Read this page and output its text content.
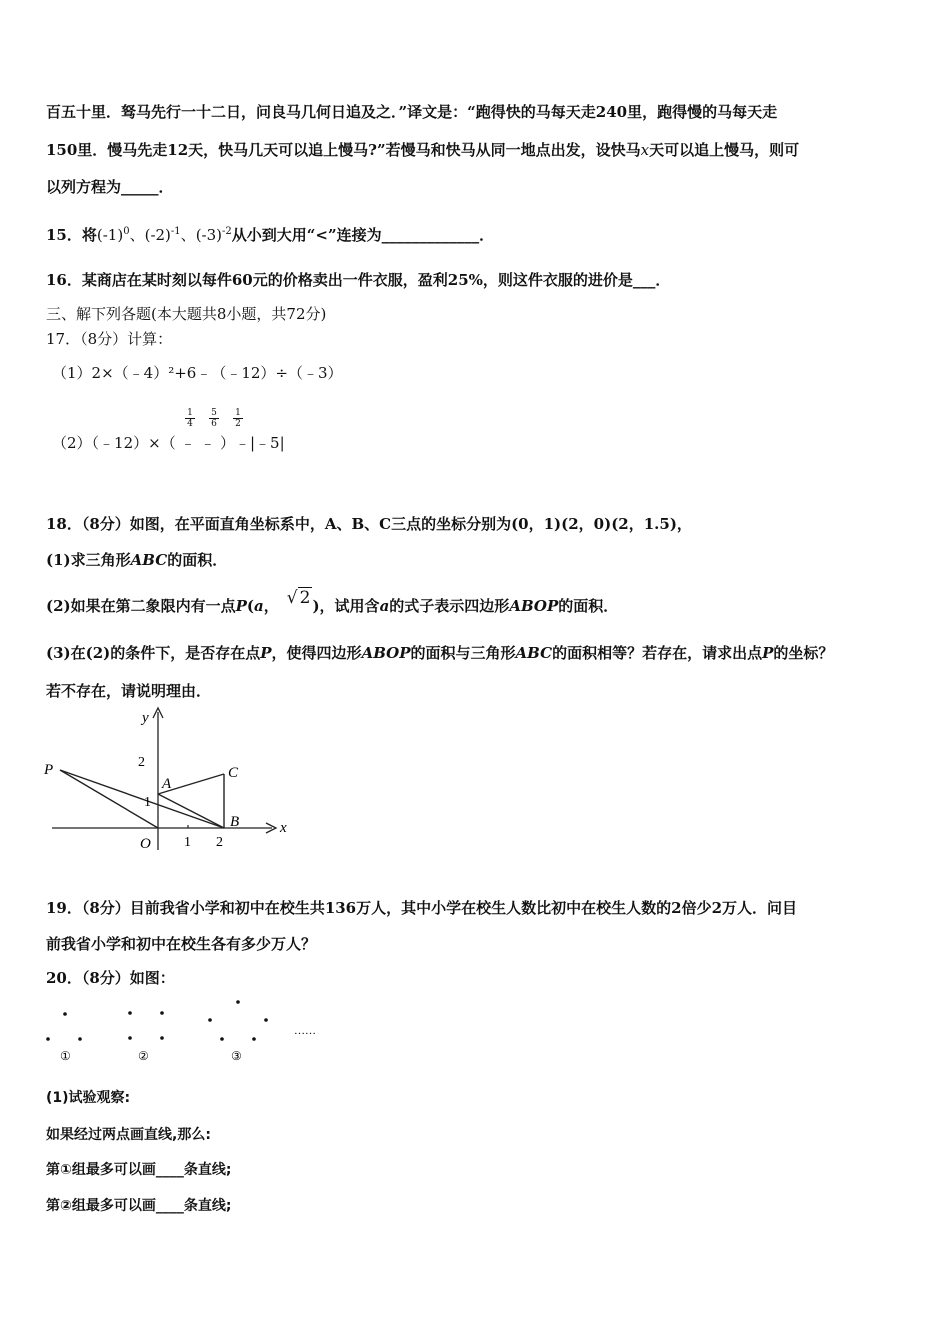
百五十里．驽马先行一十二日，问良马几何日追及之．”译文是：“跑得快的马每天走240里，跑得慢的马每天走
150里．慢马先走12天，快马几天可以追上慢马?”若慢马和快马从同一地点出发，设快马x天可以追上慢马，则可
以列方程为_____．
15．将$(-1)^0$、$(-2)^{-1}$、$(-3)^{-2}$从小到大用“<”连接为_____________．
16．某商店在某时刻以每件60元的价格卖出一件衣服，盈利25%，则这件衣服的进价是___．
三、解下列各题(本大题共8小题，共72分)
17．（8分）计算：
（1）2×（﹣4）²+6﹣（﹣12）÷（﹣3）
$\frac{1}{4} \frac{5}{6} \frac{1}{2}$
（2）（﹣12）×（ ﹣ ﹣ ）﹣|﹣5|
18．（8分）如图，在平面直角坐标系中，A、B、C三点的坐标分别为(0，1)(2，0)(2，1.5)，
(1)求三角形ABC的面积．
(2)如果在第二象限内有一点P(a， √ 2 )，试用含a的式子表示四边形ABOP的面积．
(3)在(2)的条件下，是否存在点P，使得四边形ABOP的面积与三角形ABC的面积相等？若存在，请求出点P的坐标？
若不存在，请说明理由．
y
x
P
A
C
B
O
1
2
1 2
19．（8分）目前我省小学和初中在校生共136万人，其中小学在校生人数比初中在校生人数的2倍少2万人．问目
前我省小学和初中在校生各有多少万人？
20．（8分）如图：
①	②	③
……
(1)试验观察:
如果经过两点画直线,那么:
第①组最多可以画____条直线;
第②组最多可以画____条直线;
